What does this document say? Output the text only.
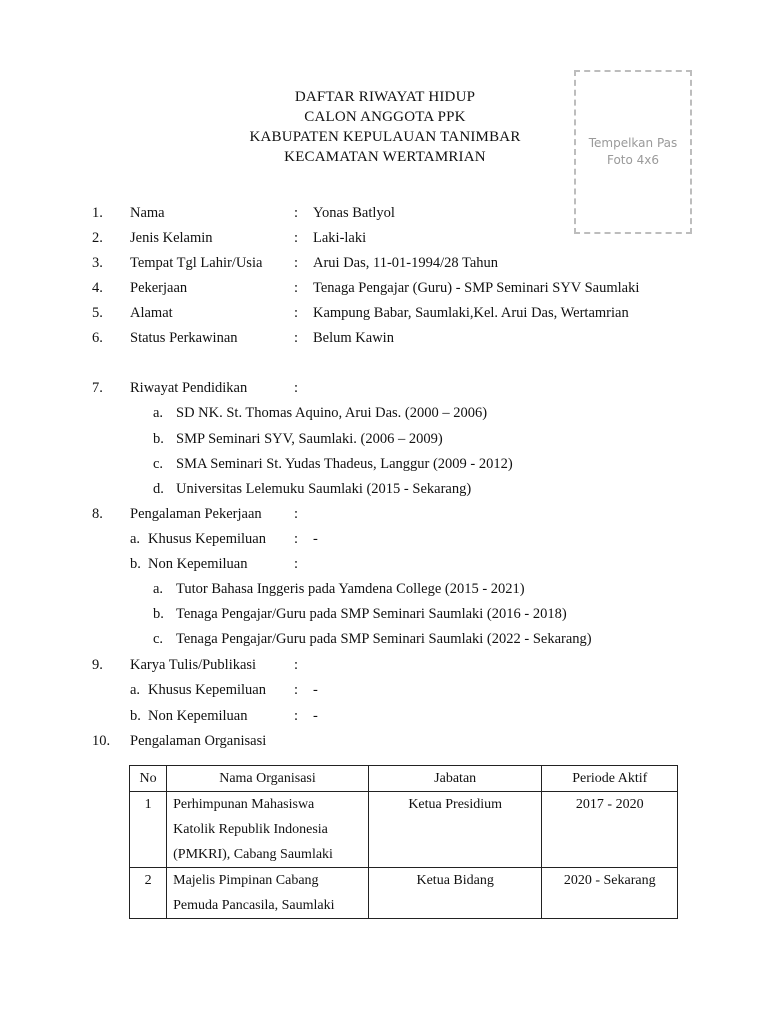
Tempelkan Pas Foto 4x6
DAFTAR RIWAYAT HIDUP
CALON ANGGOTA PPK
KABUPATEN KEPULAUAN TANIMBAR
KECAMATAN WERTAMRIAN
1. Nama	: Yonas Batlyol
2. Jenis Kelamin	: Laki-laki
3. Tempat Tgl Lahir/Usia : Arui Das, 11-01-1994/28 Tahun
4. Pekerjaan	: Tenaga Pengajar (Guru) - SMP Seminari SYV Saumlaki
5. Alamat	: Kampung Babar, Saumlaki,Kel. Arui Das, Wertamrian
6. Status Perkawinan	: Belum Kawin
7. Riwayat Pendidikan	:
a. SD NK. St. Thomas Aquino, Arui Das. (2000 – 2006)
b. SMP Seminari SYV, Saumlaki. (2006 – 2009)
c. SMA Seminari St. Yudas Thadeus, Langgur (2009 - 2012)
d. Universitas Lelemuku Saumlaki (2015 - Sekarang)
8. Pengalaman Pekerjaan :
a. Khusus Kepemiluan : -
b. Non Kepemiluan	:
a. Tutor Bahasa Inggeris pada Yamdena College (2015 - 2021)
b. Tenaga Pengajar/Guru pada SMP Seminari Saumlaki (2016 - 2018)
c. Tenaga Pengajar/Guru pada SMP Seminari Saumlaki (2022 - Sekarang)
9. Karya Tulis/Publikasi	:
a. Khusus Kepemiluan : -
b. Non Kepemiluan	: -
10. Pengalaman Organisasi
No	Nama Organisasi	Jabatan	Periode Aktif
1	Perhimpunan Mahasiswa
Katolik Republik Indonesia
(PMKRI), Cabang Saumlaki	Ketua Presidium	2017 - 2020
2	Majelis Pimpinan Cabang
Pemuda Pancasila, Saumlaki	Ketua Bidang	2020 - Sekarang
